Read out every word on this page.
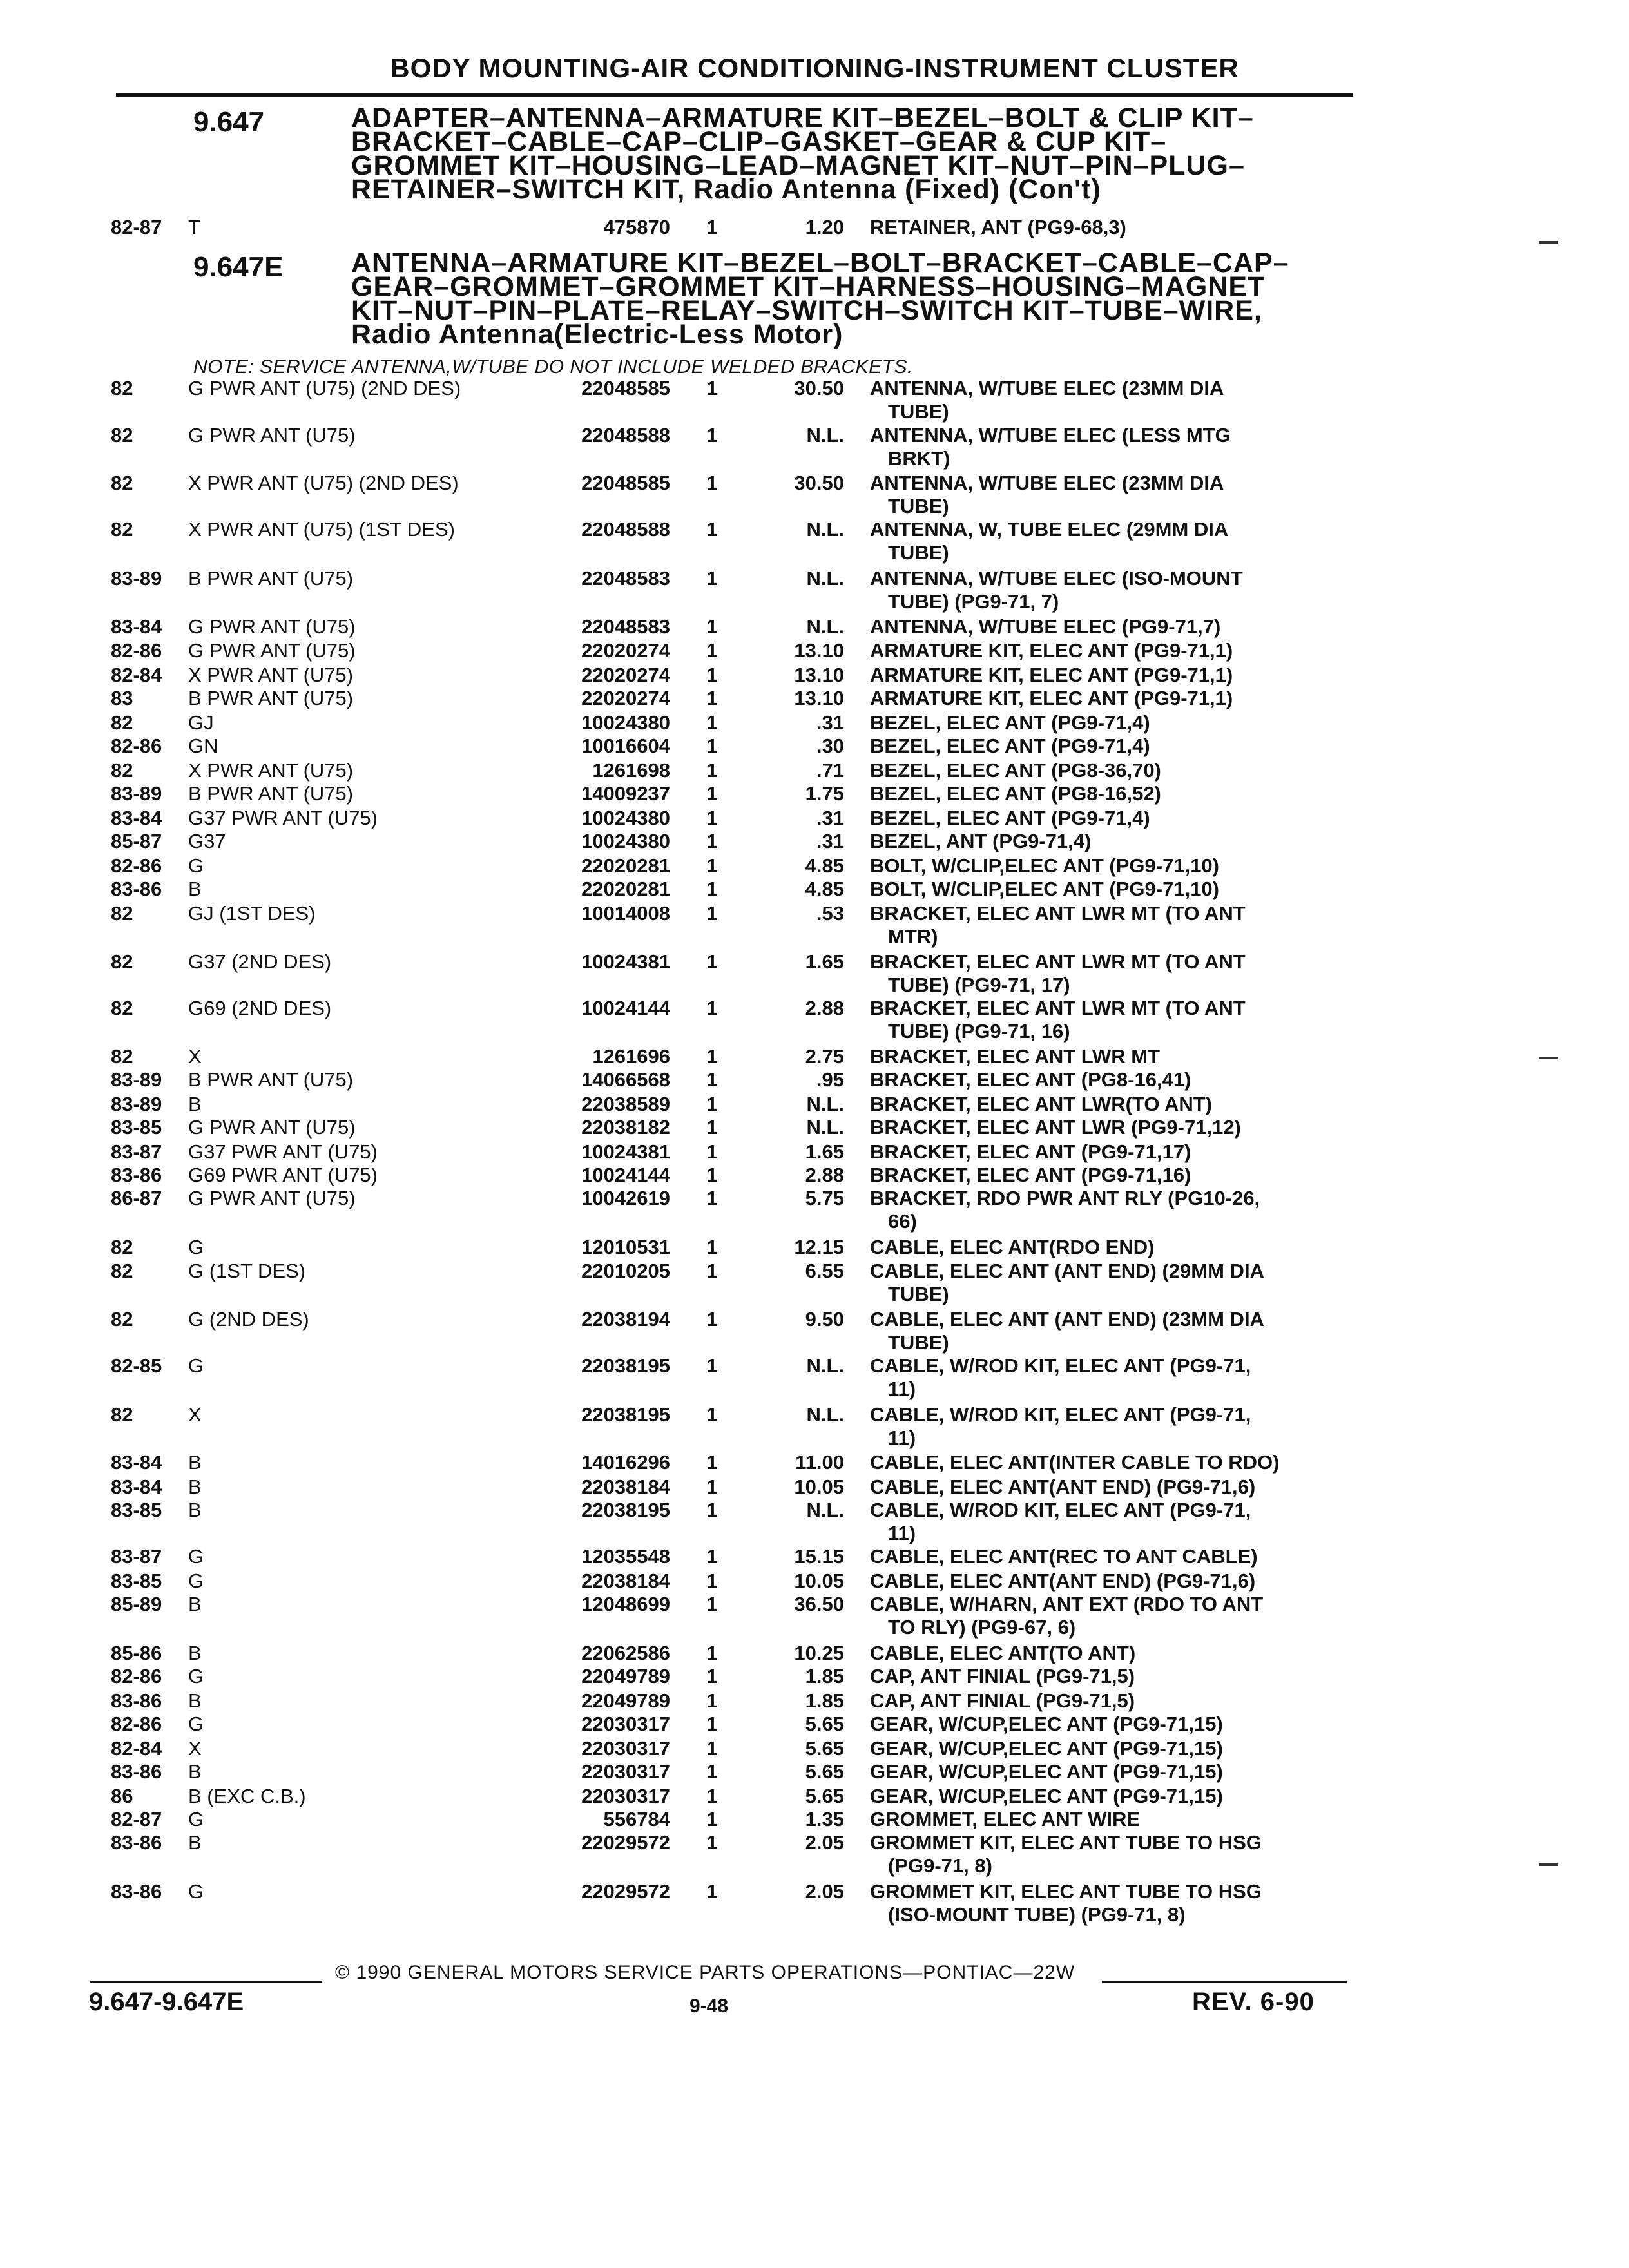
BODY MOUNTING-AIR CONDITIONING-INSTRUMENT CLUSTER
9.647	ADAPTER–ANTENNA–ARMATURE KIT–BEZEL–BOLT & CLIP KIT–BRACKET–CABLE–CAP–CLIP–GASKET–GEAR & CUP KIT–GROMMET KIT–HOUSING–LEAD–MAGNET KIT–NUT–PIN–PLUG–RETAINER–SWITCH KIT, Radio Antenna (Fixed) (Con't)
9.647E ANTENNA–ARMATURE KIT–BEZEL–BOLT–BRACKET–CABLE–CAP–GEAR–GROMMET–GROMMET KIT–HARNESS–HOUSING–MAGNET KIT–NUT–PIN–PLATE–RELAY–SWITCH–SWITCH KIT–TUBE–WIRE, Radio Antenna(Electric-Less Motor)
NOTE: SERVICE ANTENNA,W/TUBE DO NOT INCLUDE WELDED BRACKETS.
82-87 T	475870 1	1.20 RETAINER, ANT (PG9-68,3)
82	G PWR ANT (U75) (2ND DES)	22048585 1	30.50 ANTENNA, W/TUBE ELEC (23MM DIA
TUBE)
82	G PWR ANT (U75)	22048588 1	N.L. ANTENNA, W/TUBE ELEC (LESS MTG
BRKT)
82	X PWR ANT (U75) (2ND DES)	22048585 1	30.50 ANTENNA, W/TUBE ELEC (23MM DIA
TUBE)
82	X PWR ANT (U75) (1ST DES)	22048588 1	N.L. ANTENNA, W, TUBE ELEC (29MM DIA
TUBE)
83-89 B PWR ANT (U75)	22048583 1	N.L. ANTENNA, W/TUBE ELEC (ISO-MOUNT
TUBE) (PG9-71, 7)
83-84 G PWR ANT (U75)	22048583 1	N.L. ANTENNA, W/TUBE ELEC (PG9-71,7)
82-86 G PWR ANT (U75)	22020274 1	13.10 ARMATURE KIT, ELEC ANT (PG9-71,1)
82-84 X PWR ANT (U75)	22020274 1	13.10 ARMATURE KIT, ELEC ANT (PG9-71,1)
83	B PWR ANT (U75)	22020274 1	13.10 ARMATURE KIT, ELEC ANT (PG9-71,1)
82	GJ	10024380 1	.31 BEZEL, ELEC ANT (PG9-71,4)
82-86 GN	10016604 1	.30 BEZEL, ELEC ANT (PG9-71,4)
82	X PWR ANT (U75)	1261698 1	.71 BEZEL, ELEC ANT (PG8-36,70)
83-89 B PWR ANT (U75)	14009237 1	1.75 BEZEL, ELEC ANT (PG8-16,52)
83-84 G37 PWR ANT (U75)	10024380 1	.31 BEZEL, ELEC ANT (PG9-71,4)
85-87 G37	10024380 1	.31 BEZEL, ANT (PG9-71,4)
82-86 G	22020281 1	4.85 BOLT, W/CLIP,ELEC ANT (PG9-71,10)
83-86 B	22020281 1	4.85 BOLT, W/CLIP,ELEC ANT (PG9-71,10)
82	GJ (1ST DES)	10014008 1	.53 BRACKET, ELEC ANT LWR MT (TO ANT
MTR)
82	G37 (2ND DES)	10024381 1	1.65 BRACKET, ELEC ANT LWR MT (TO ANT
TUBE) (PG9-71, 17)
82	G69 (2ND DES)	10024144 1	2.88 BRACKET, ELEC ANT LWR MT (TO ANT
TUBE) (PG9-71, 16)
82	X	1261696 1	2.75 BRACKET, ELEC ANT LWR MT
83-89 B PWR ANT (U75)	14066568 1	.95 BRACKET, ELEC ANT (PG8-16,41)
83-89 B	22038589 1	N.L. BRACKET, ELEC ANT LWR(TO ANT)
83-85 G PWR ANT (U75)	22038182 1	N.L. BRACKET, ELEC ANT LWR (PG9-71,12)
83-87 G37 PWR ANT (U75)	10024381 1	1.65 BRACKET, ELEC ANT (PG9-71,17)
83-86 G69 PWR ANT (U75)	10024144 1	2.88 BRACKET, ELEC ANT (PG9-71,16)
86-87 G PWR ANT (U75)	10042619 1	5.75 BRACKET, RDO PWR ANT RLY (PG10-26,
66)
82	G	12010531 1	12.15 CABLE, ELEC ANT(RDO END)
82	G (1ST DES)	22010205 1	6.55 CABLE, ELEC ANT (ANT END) (29MM DIA
TUBE)
82	G (2ND DES)	22038194 1	9.50 CABLE, ELEC ANT (ANT END) (23MM DIA
TUBE)
82-85 G	22038195 1	N.L. CABLE, W/ROD KIT, ELEC ANT (PG9-71,
11)
82	X	22038195 1	N.L. CABLE, W/ROD KIT, ELEC ANT (PG9-71,
11)
83-84 B	14016296 1	11.00 CABLE, ELEC ANT(INTER CABLE TO RDO)
83-84 B	22038184 1	10.05 CABLE, ELEC ANT(ANT END) (PG9-71,6)
83-85 B	22038195 1	N.L. CABLE, W/ROD KIT, ELEC ANT (PG9-71,
11)
83-87 G	12035548 1	15.15 CABLE, ELEC ANT(REC TO ANT CABLE)
83-85 G	22038184 1	10.05 CABLE, ELEC ANT(ANT END) (PG9-71,6)
85-89 B	12048699 1	36.50 CABLE, W/HARN, ANT EXT (RDO TO ANT
TO RLY) (PG9-67, 6)
85-86 B	22062586 1	10.25 CABLE, ELEC ANT(TO ANT)
82-86 G	22049789 1	1.85 CAP, ANT FINIAL (PG9-71,5)
83-86 B	22049789 1	1.85 CAP, ANT FINIAL (PG9-71,5)
82-86 G	22030317 1	5.65 GEAR, W/CUP,ELEC ANT (PG9-71,15)
82-84 X	22030317 1	5.65 GEAR, W/CUP,ELEC ANT (PG9-71,15)
83-86 B	22030317 1	5.65 GEAR, W/CUP,ELEC ANT (PG9-71,15)
86	B (EXC C.B.)	22030317 1	5.65 GEAR, W/CUP,ELEC ANT (PG9-71,15)
82-87 G	556784 1	1.35 GROMMET, ELEC ANT WIRE
83-86 B	22029572 1	2.05 GROMMET KIT, ELEC ANT TUBE TO HSG
(PG9-71, 8)
83-86 G	22029572 1	2.05 GROMMET KIT, ELEC ANT TUBE TO HSG
(ISO-MOUNT TUBE) (PG9-71, 8)
© 1990 GENERAL MOTORS SERVICE PARTS OPERATIONS—PONTIAC—22W
9.647-9.647E	9-48	REV. 6-90
